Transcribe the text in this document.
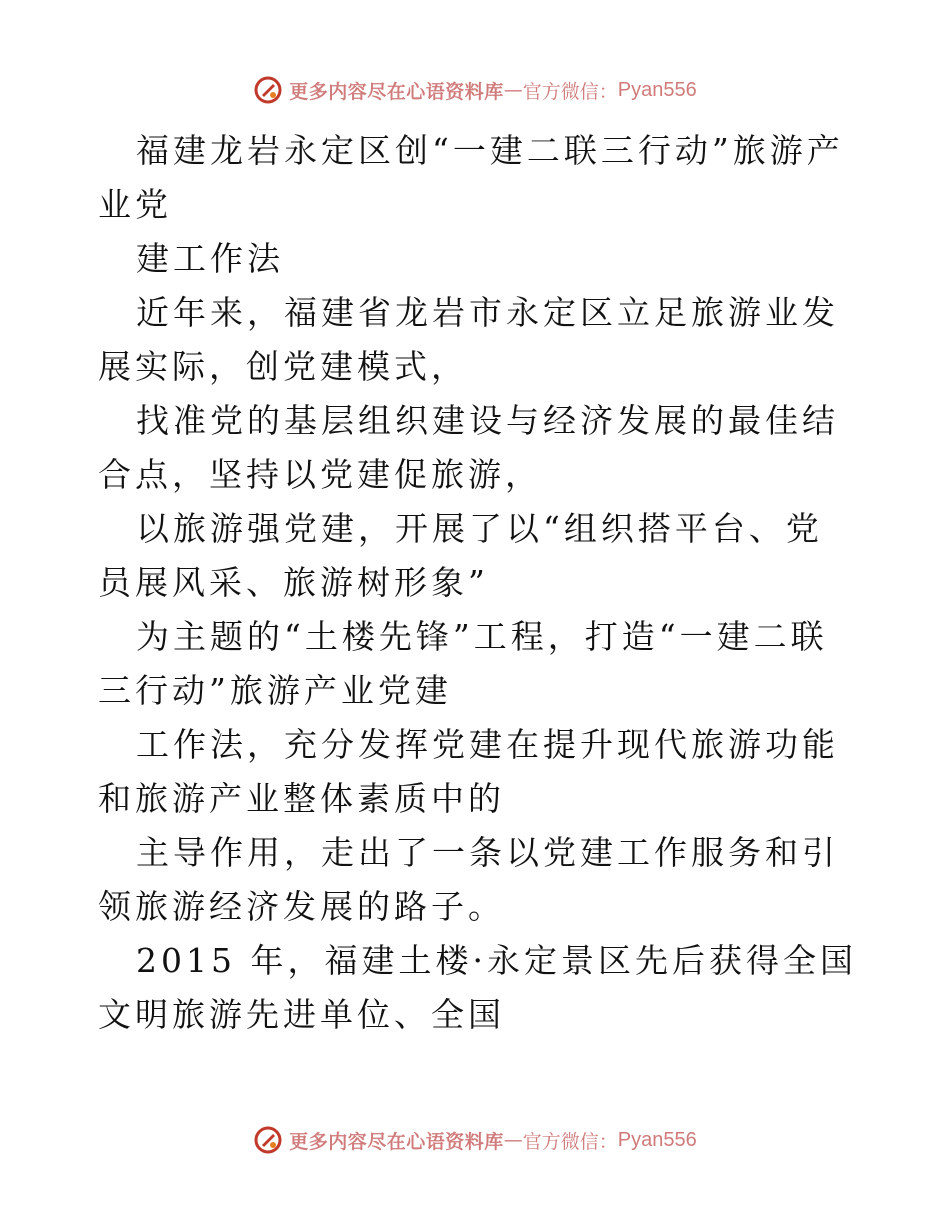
更多内容尽在心语资料库 — 官方微信： Pyan556

福建龙岩永定区创“一建二联三行动”旅游产业党

建工作法

近年来，福建省龙岩市永定区立足旅游业发展实际，创党建模式，

找准党的基层组织建设与经济发展的最佳结合点，坚持以党建促旅游，

以旅游强党建，开展了以“组织搭平台、党员展风采、旅游树形象”

为主题的“土楼先锋”工程，打造“一建二联三行动”旅游产业党建

工作法，充分发挥党建在提升现代旅游功能和旅游产业整体素质中的

主导作用，走出了一条以党建工作服务和引领旅游经济发展的路子。

2015 年，福建土楼·永定景区先后获得全国文明旅游先进单位、全国

更多内容尽在心语资料库 — 官方微信： Pyan556
